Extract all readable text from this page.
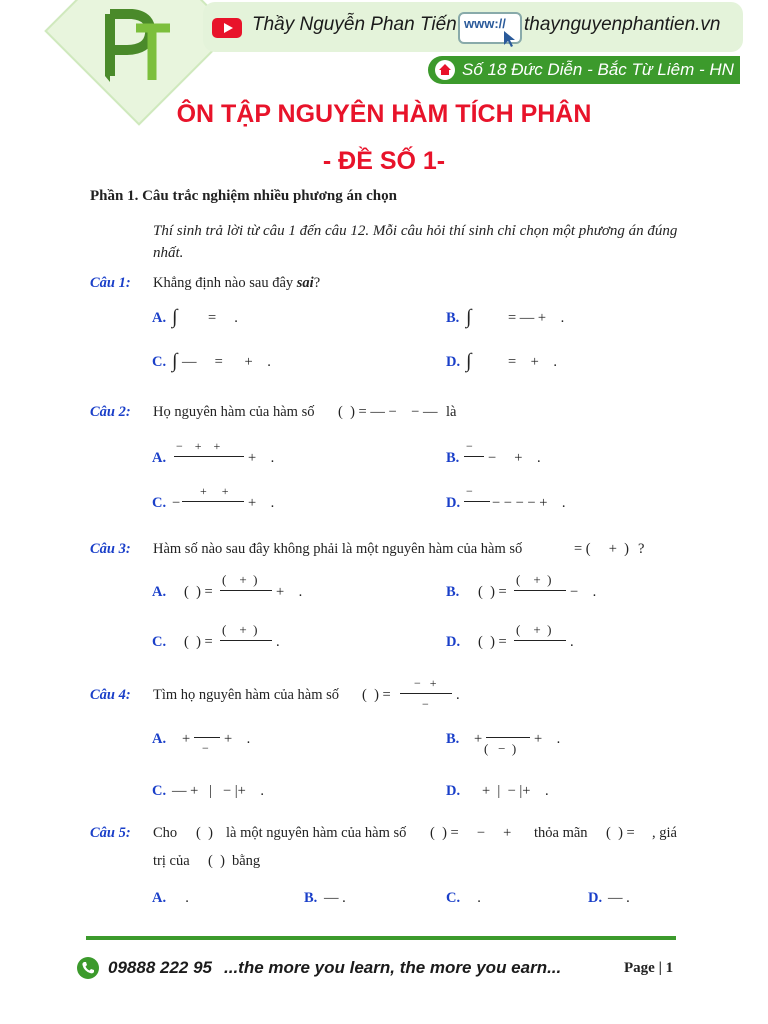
Thầy Nguyễn Phan Tiến www:// thaynguyenphantien.vn
Số 18 Đức Diễn - Bắc Từ Liêm - HN
ÔN TẬP NGUYÊN HÀM TÍCH PHÂN
- ĐỀ SỐ 1-
Phần 1. Câu trắc nghiệm nhiều phương án chọn
Thí sinh trả lời từ câu 1 đến câu 12. Mỗi câu hỏi thí sinh chỉ chọn một phương án đúng nhất.
Câu 1: Khẳng định nào sau đây sai?
A. ∫ =     .	B. ∫	= — +    .
C. ∫ —     =      +    .	D. ∫	=    +    .
Câu 2: Họ nguyên hàm của hàm số (  ) = — −    − — là
A.
−    +    +
+    .	B.
−
−     +    .
C. −
+     +
+    .	D.
−
− − − − +    .
Câu 3: Hàm số nào sau đây không phải là một nguyên hàm của hàm số	= (     +  ) ?
A. (  ) =
(    +  )
+    .	B. (  ) =
(    +  )
−    .
C. (  ) =
(    +  )
.	D. (  ) =
(    +  )
.
Câu 4: Tìm họ nguyên hàm của hàm số (  ) =
−   +
−
.
A. +
−
+    .	B. +
(   −  )
+    .
C. — +   |   − |+    .	D. +  |  − |+    .
Câu 5: Cho (  ) là một nguyên hàm của hàm số (  ) =     −     + thỏa mãn (  ) = , giá
trị của (  ) bằng
A. .	B. — .	C. .	D. — .
09888 222 95 ...the more you learn, the more you earn...	Page | 1
